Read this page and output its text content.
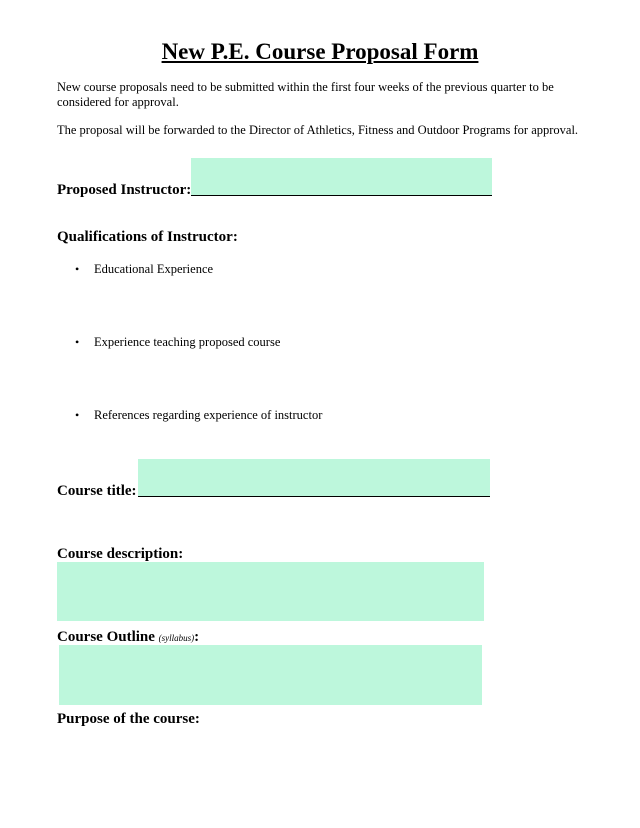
New P.E. Course Proposal Form
New course proposals need to be submitted within the first four weeks of the previous quarter to be considered for approval.
The proposal will be forwarded to the Director of Athletics, Fitness and Outdoor Programs for approval.
Proposed Instructor:
Qualifications of Instructor:
• Educational Experience
• Experience teaching proposed course
• References regarding experience of instructor
Course title:
Course description:
Course Outline (syllabus):
Purpose of the course:
